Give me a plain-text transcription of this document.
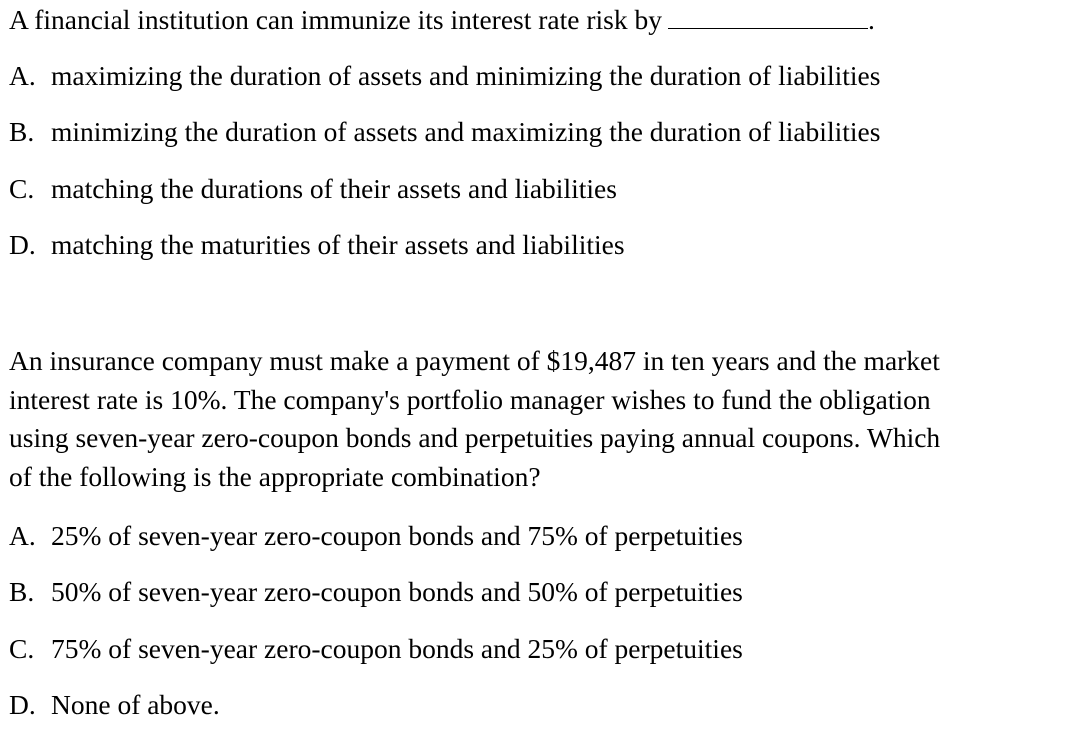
A financial institution can immunize its interest rate risk by	.
A. maximizing the duration of assets and minimizing the duration of liabilities
B. minimizing the duration of assets and maximizing the duration of liabilities
C. matching the durations of their assets and liabilities
D. matching the maturities of their assets and liabilities
An insurance company must make a payment of $19,487 in ten years and the market
interest rate is 10%. The company's portfolio manager wishes to fund the obligation
using seven-year zero-coupon bonds and perpetuities paying annual coupons. Which
of the following is the appropriate combination?
A. 25% of seven-year zero-coupon bonds and 75% of perpetuities
B. 50% of seven-year zero-coupon bonds and 50% of perpetuities
C. 75% of seven-year zero-coupon bonds and 25% of perpetuities
D. None of above.
